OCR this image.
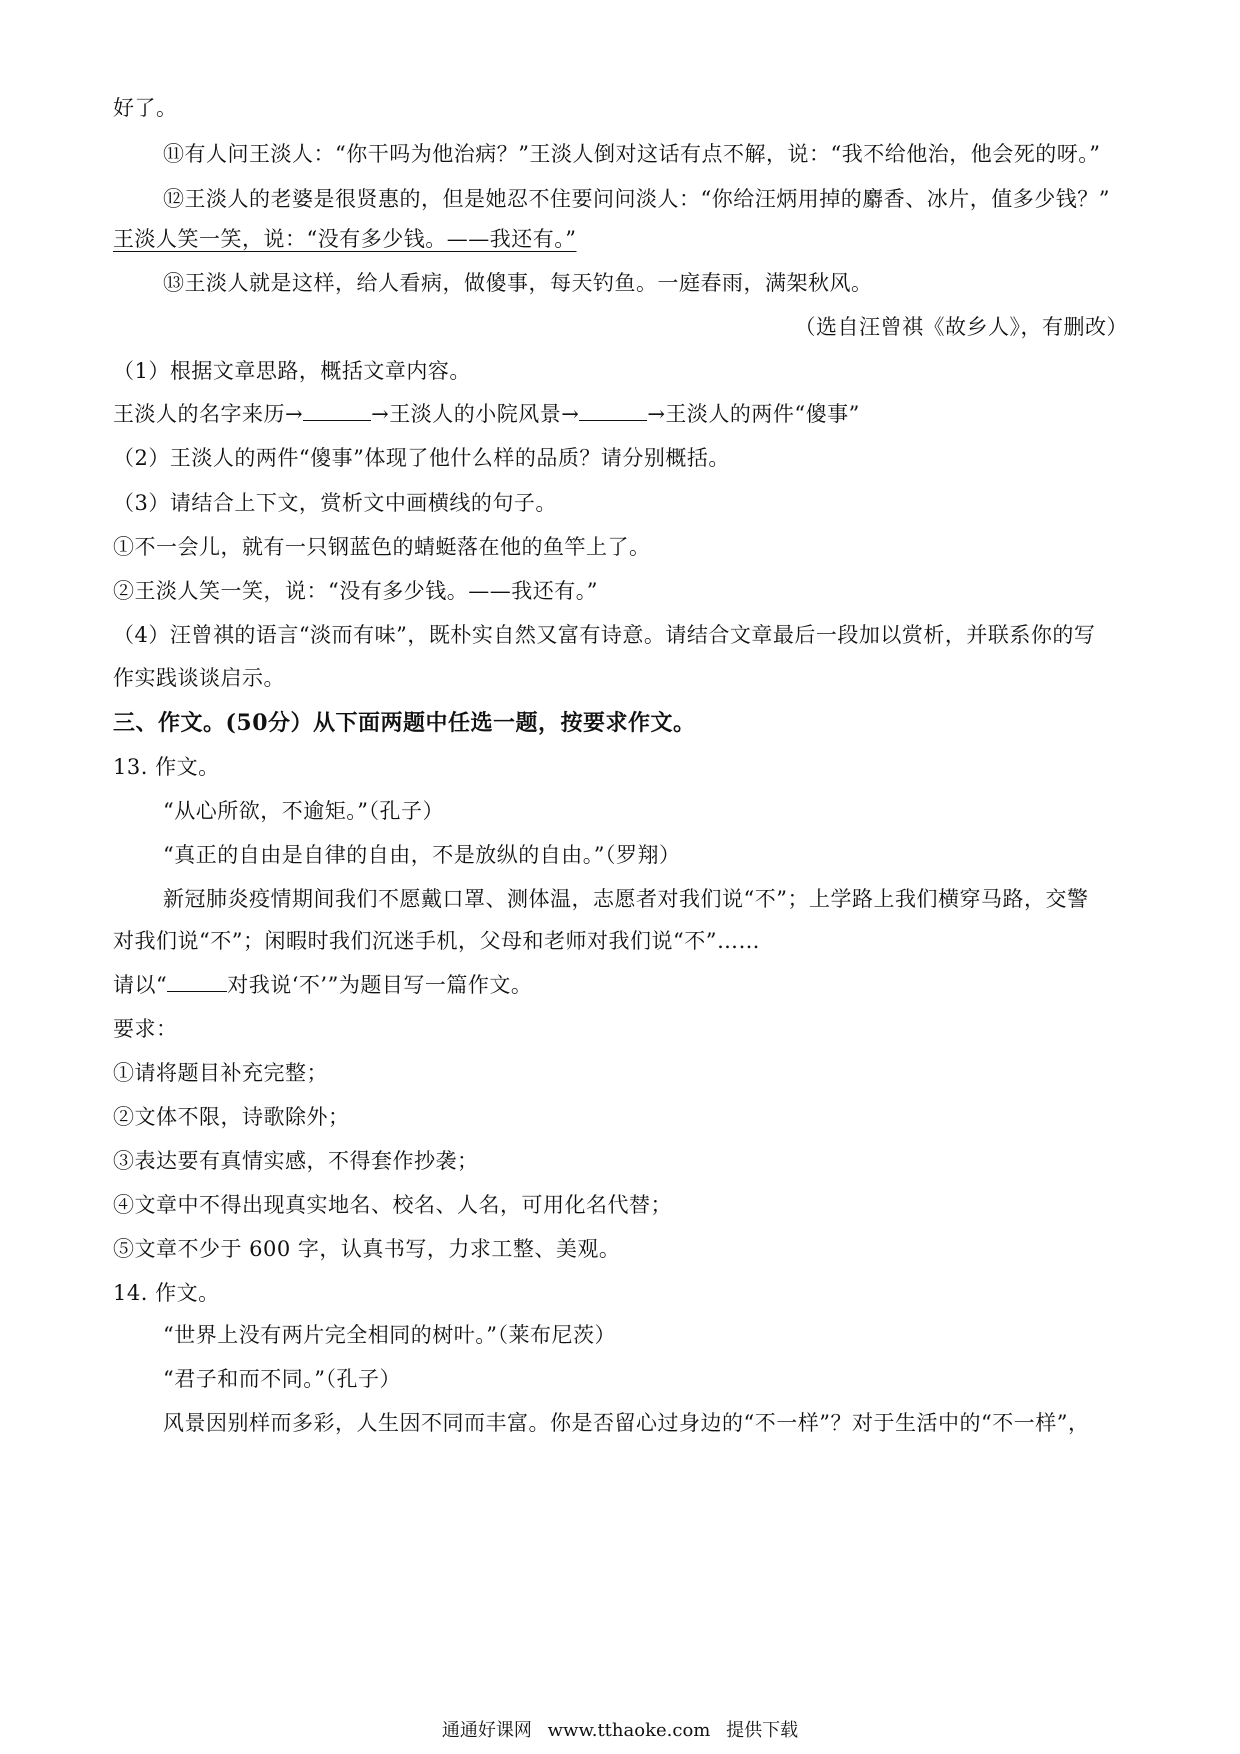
好了。
⑪有人问王淡人：“你干吗为他治病？”王淡人倒对这话有点不解，说：“我不给他治，他会死的呀。”
⑫王淡人的老婆是很贤惠的，但是她忍不住要问问淡人：“你给汪炳用掉的麝香、冰片，值多少钱？”
王淡人笑一笑，说：“没有多少钱。——我还有。”
⑬王淡人就是这样，给人看病，做傻事，每天钓鱼。一庭春雨，满架秋风。
（选自汪曾祺《故乡人》，有删改）
（1）根据文章思路，概括文章内容。
王淡人的名字来历→	→王淡人的小院风景→	→王淡人的两件“傻事”
（2）王淡人的两件“傻事”体现了他什么样的品质？请分别概括。
（3）请结合上下文，赏析文中画横线的句子。
①不一会儿，就有一只钢蓝色的蜻蜓落在他的鱼竿上了。
②王淡人笑一笑，说：“没有多少钱。——我还有。”
（4）汪曾祺的语言“淡而有味”，既朴实自然又富有诗意。请结合文章最后一段加以赏析，并联系你的写
作实践谈谈启示。
三、作文。(50分）从下面两题中任选一题，按要求作文。
13. 作文。
“从心所欲，不逾矩。”（孔子）
“真正的自由是自律的自由，不是放纵的自由。”（罗翔）
新冠肺炎疫情期间我们不愿戴口罩、测体温，志愿者对我们说“不”；上学路上我们横穿马路，交警
对我们说“不”；闲暇时我们沉迷手机，父母和老师对我们说“不”……
请以“	对我说‘不’”为题目写一篇作文。
要求：
①请将题目补充完整；
②文体不限，诗歌除外；
③表达要有真情实感，不得套作抄袭；
④文章中不得出现真实地名、校名、人名，可用化名代替；
⑤文章不少于 600 字，认真书写，力求工整、美观。
14. 作文。
“世界上没有两片完全相同的树叶。”（莱布尼茨）
“君子和而不同。”（孔子）
风景因别样而多彩，人生因不同而丰富。你是否留心过身边的“不一样”？对于生活中的“不一样”，
通通好课网 www.tthaoke.com 提供下载
